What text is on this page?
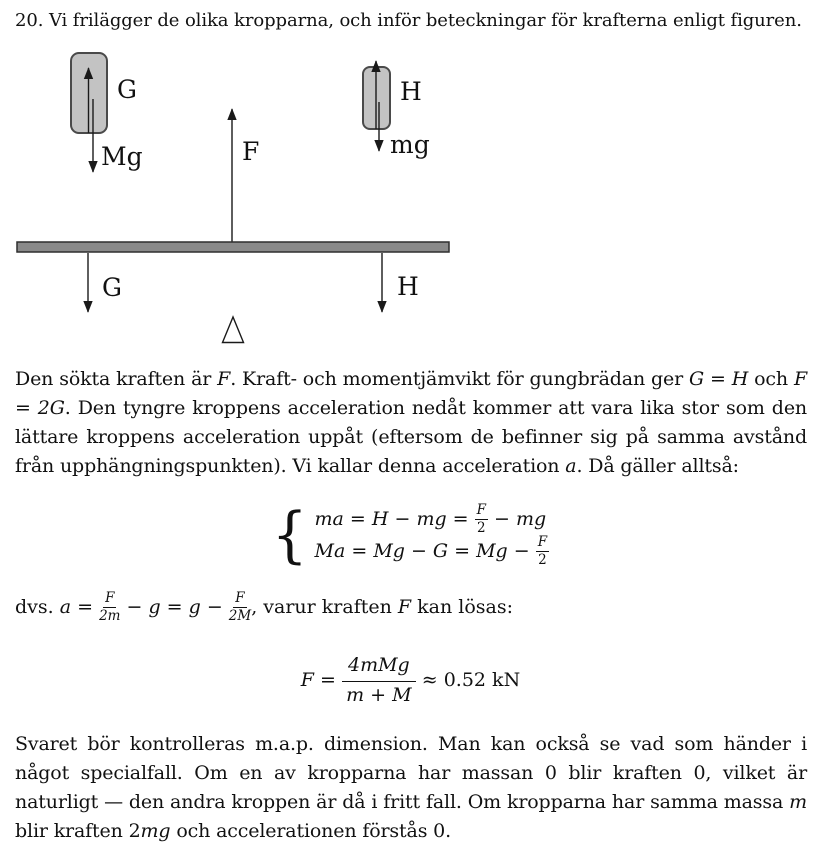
20. Vi frilägger de olika kropparna, och inför beteckningar för krafterna enligt figuren.
G
Mg	F
H
mg
G	H

Den sökta kraften är F. Kraft- och momentjämvikt för gungbrädan ger G = H och F = 2G. Den tyngre kroppens acceleration nedåt kommer att vara lika stor som den lättare kroppens acceleration uppåt (eftersom de befinner sig på samma avstånd från upphängningspunkten). Vi kallar denna acceleration a. Då gäller alltså:

{ ma = H − mg = $\frac{F}{2}$ − mg
$Ma = Mg - G = Mg - \frac{F}{2}$
dvs. $a = \frac{F}{2m} - g = g - \frac{F}{2M}$ , varur kraften F kan lösas:
$F = \frac{\text{4mMg}}{m + M} \approx 0.52$ kN

Svaret bör kontrolleras m.a.p. dimension. Man kan också se vad som händer i något specialfall. Om en av kropparna har massan 0 blir kraften 0, vilket är naturligt — den andra kroppen är då i fritt fall. Om kropparna har samma massa m blir kraften 2mg och accelerationen förstås 0.
